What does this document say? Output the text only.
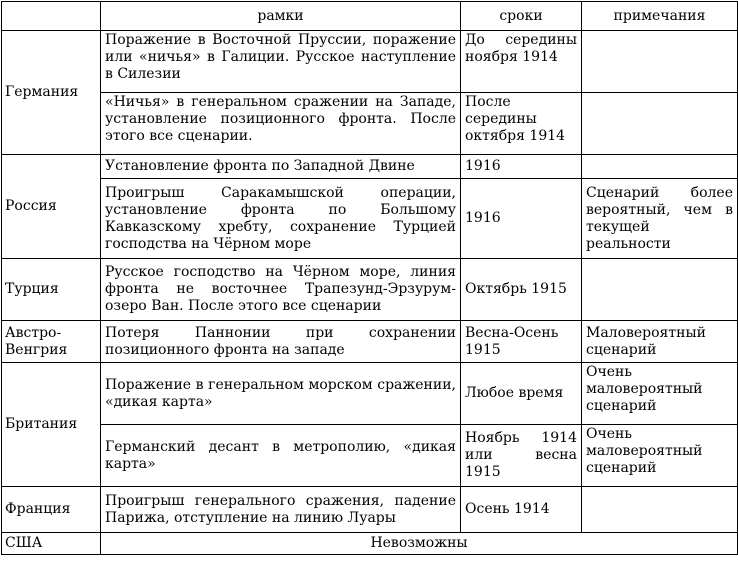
	рамки	сроки	примечания
Германия	Поражение в Восточной Пруссии, поражение или «ничья» в Галиции. Русское наступление в Силезии	До середины ноября 1914	
	«Ничья» в генеральном сражении на Западе, установление позиционного фронта. После этого все сценарии.	После середины октября 1914	
Россия	Установление фронта по Западной Двине	1916	
	Проигрыш Саракамышской операции, установление фронта по Большому Кавказскому хребту, сохранение Турцией господства на Чёрном море	1916	Сценарий более вероятный, чем в текущей реальности
Турция	Русское господство на Чёрном море, линия фронта не восточнее Трапезунд-Эрзурум-озеро Ван. После этого все сценарии	Октябрь 1915	
Австро-Венгрия	Потеря Паннонии при сохранении позиционного фронта на западе	Весна-Осень 1915	Маловероятный сценарий
Британия	Поражение в генеральном морском сражении, «дикая карта»	Любое время	Очень маловероятный сценарий
	Германский десант в метрополию, «дикая карта»	Ноябрь 1914 или весна 1915	Очень маловероятный сценарий
Франция	Проигрыш генерального сражения, падение Парижа, отступление на линию Луары	Осень 1914	
США	Невозможны		
